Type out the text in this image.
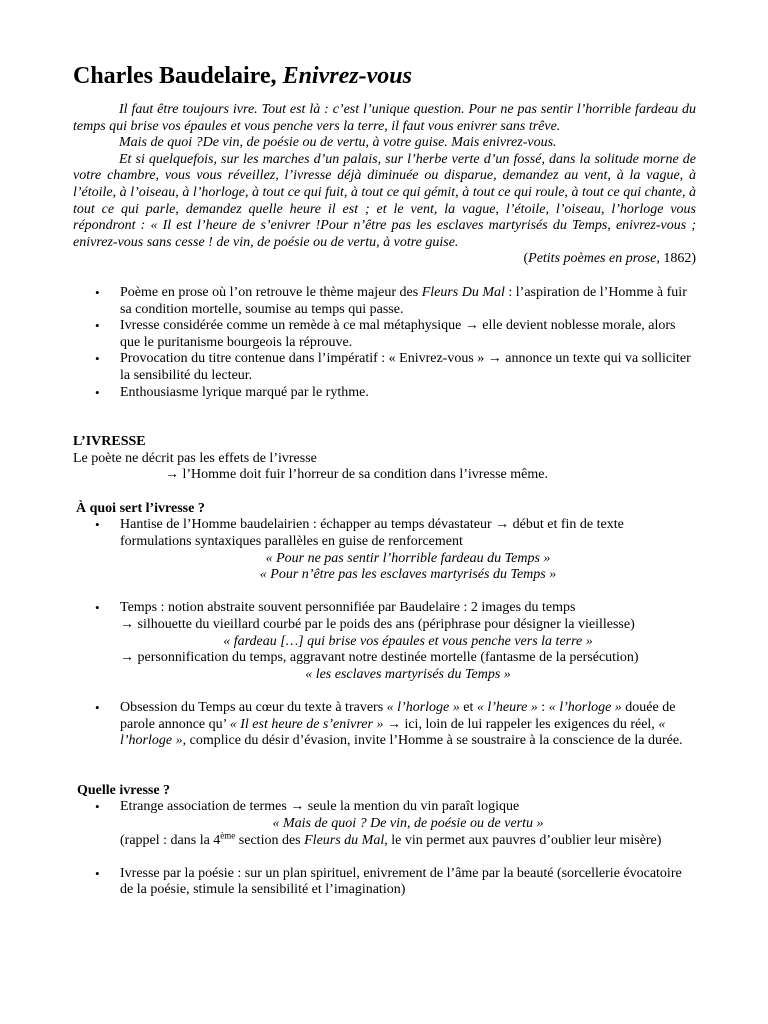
Charles Baudelaire, Enivrez-vous

Il faut être toujours ivre. Tout est là : c’est l’unique question. Pour ne pas sentir l’horrible fardeau du temps qui brise vos épaules et vous penche vers la terre, il faut vous enivrer sans trêve.

Mais de quoi ?De vin, de poésie ou de vertu, à votre guise. Mais enivrez-vous.

Et si quelquefois, sur les marches d’un palais, sur l’herbe verte d’un fossé, dans la solitude morne de votre chambre, vous vous réveillez, l’ivresse déjà diminuée ou disparue, demandez au vent, à la vague, à l’étoile, à l’oiseau, à l’horloge, à tout ce qui fuit, à tout ce qui gémit, à tout ce qui roule, à tout ce qui chante, à tout ce qui parle, demandez quelle heure il est ; et le vent, la vague, l’étoile, l’oiseau, l’horloge vous répondront : « Il est l’heure de s’enivrer !Pour n’être pas les esclaves martyrisés du Temps, enivrez-vous ; enivrez-vous sans cesse ! de vin, de poésie ou de vertu, à votre guise.

(Petits poèmes en prose, 1862)

• Poème en prose où l’on retrouve le thème majeur des Fleurs Du Mal : l’aspiration de l’Homme à fuir sa condition mortelle, soumise au temps qui passe.
• Ivresse considérée comme un remède à ce mal métaphysique → elle devient noblesse morale, alors que le puritanisme bourgeois la réprouve.
• Provocation du titre contenue dans l’impératif : « Enivrez-vous » → annonce un texte qui va solliciter la sensibilité du lecteur.
• Enthousiasme lyrique marqué par le rythme.

L’IVRESSE

Le poète ne décrit pas les effets de l’ivresse

→ l’Homme doit fuir l’horreur de sa condition dans l’ivresse même.

À quoi sert l’ivresse ?

• Hantise de l’Homme baudelairien : échapper au temps dévastateur → début et fin de texte formulations syntaxiques parallèles en guise de renforcement
« Pour ne pas sentir l’horrible fardeau du Temps »
« Pour n’être pas les esclaves martyrisés du Temps »
• Temps : notion abstraite souvent personnifiée par Baudelaire : 2 images du temps
→ silhouette du vieillard courbé par le poids des ans (périphrase pour désigner la vieillesse)
« fardeau […] qui brise vos épaules et vous penche vers la terre »
→ personnification du temps, aggravant notre destinée mortelle (fantasme de la persécution)
« les esclaves martyrisés du Temps »
• Obsession du Temps au cœur du texte à travers « l’horloge » et « l’heure » : « l’horloge » douée de parole annonce qu’ « Il est heure de s’enivrer » → ici, loin de lui rappeler les exigences du réel, « l’horloge », complice du désir d’évasion, invite l’Homme à se soustraire à la conscience de la durée.

Quelle ivresse ?

• Etrange association de termes → seule la mention du vin paraît logique
« Mais de quoi ? De vin, de poésie ou de vertu »
(rappel : dans la 4ème section des Fleurs du Mal, le vin permet aux pauvres d’oublier leur misère)
• Ivresse par la poésie : sur un plan spirituel, enivrement de l’âme par la beauté (sorcellerie évocatoire de la poésie, stimule la sensibilité et l’imagination)
